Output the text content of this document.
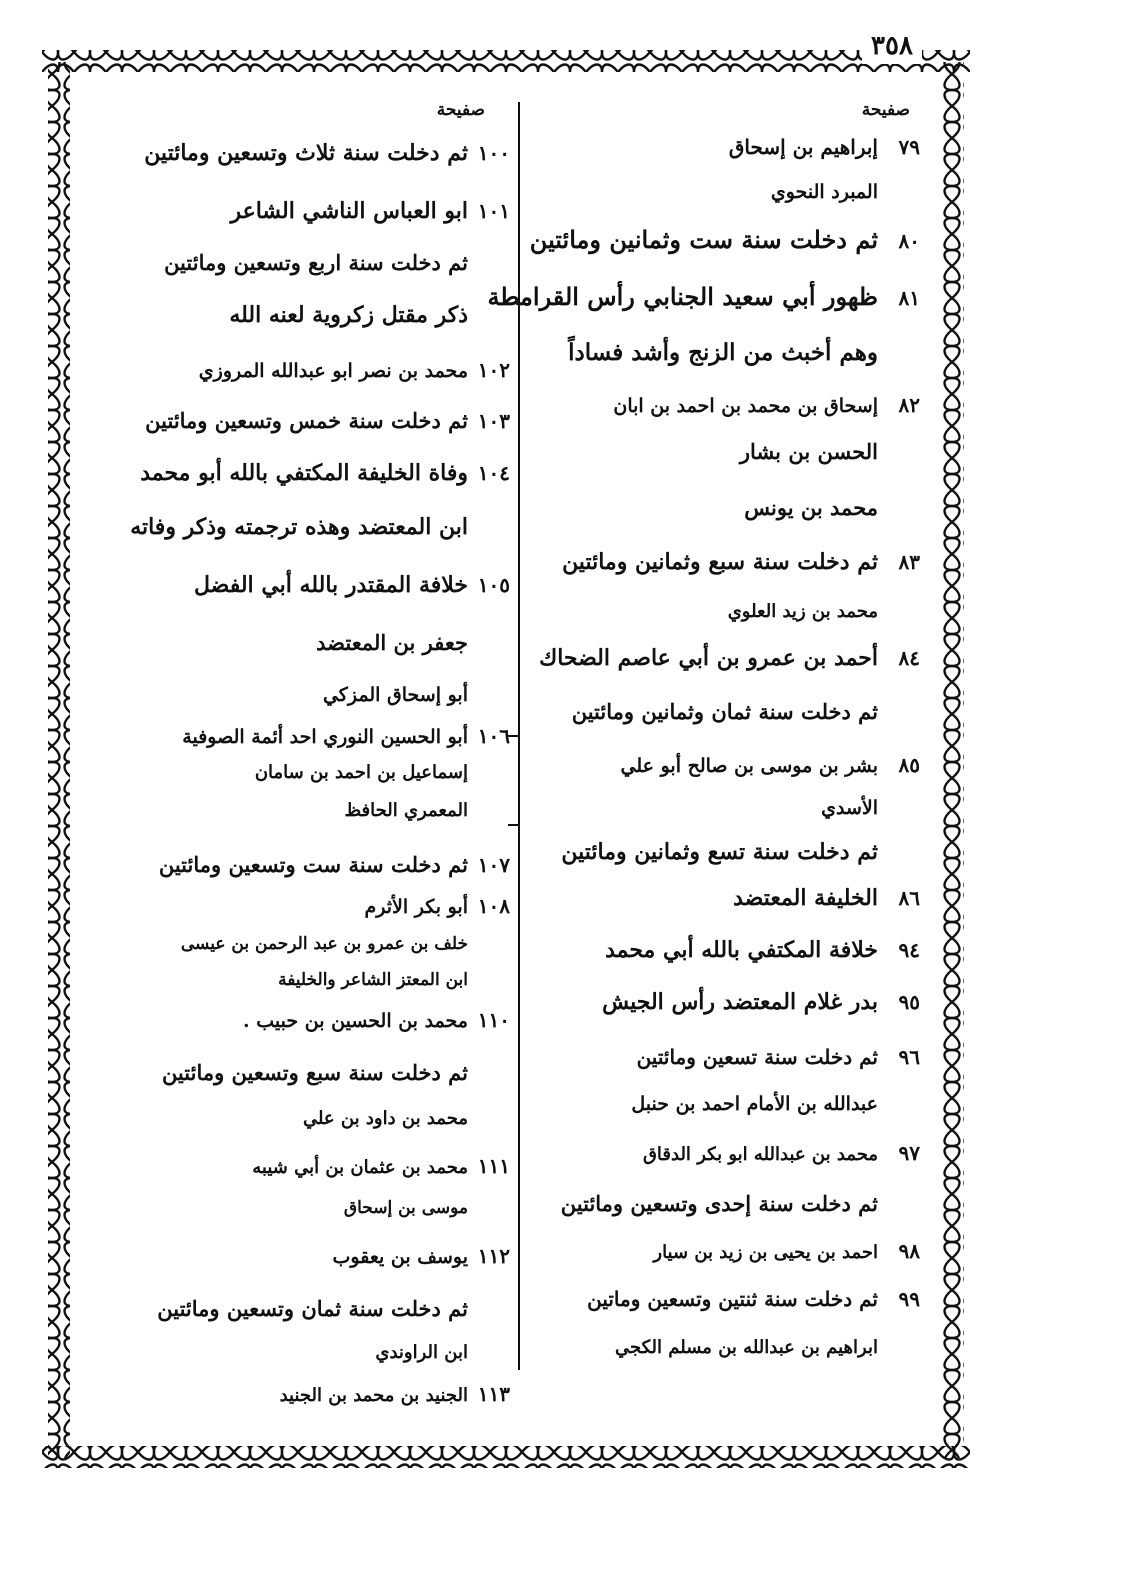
٣٥٨
صفيحة
صفيحة
٧٩
إبراهيم بن إسحاق
المبرد النحوي
٨٠
ثم دخلت سنة ست وثمانين ومائتين
٨١
ظهور أبي سعيد الجنابي رأس القرامطة
وهم أخبث من الزنج وأشد فساداً
٨٢
إسحاق بن محمد بن احمد بن ابان
الحسن بن بشار
محمد بن يونس
٨٣
ثم دخلت سنة سبع وثمانين ومائتين
محمد بن زيد العلوي
٨٤
أحمد بن عمرو بن أبي عاصم الضحاك
ثم دخلت سنة ثمان وثمانين ومائتين
٨٥
بشر بن موسى بن صالح أبو علي
الأسدي
ثم دخلت سنة تسع وثمانين ومائتين
٨٦
الخليفة المعتضد
٩٤
خلافة المكتفي بالله أبي محمد
٩٥
بدر غلام المعتضد رأس الجيش
٩٦
ثم دخلت سنة تسعين ومائتين
عبدالله بن الأمام احمد بن حنبل
٩٧
محمد بن عبدالله ابو بكر الدقاق
ثم دخلت سنة إحدى وتسعين ومائتين
٩٨
احمد بن يحيى بن زيد بن سيار
٩٩
ثم دخلت سنة ثنتين وتسعين وماتين
ابراهيم بن عبدالله بن مسلم الكجي
١٠٠
ثم دخلت سنة ثلاث وتسعين ومائتين
١٠١
ابو العباس الناشي الشاعر
ثم دخلت سنة اربع وتسعين ومائتين
ذكر مقتل زكروية لعنه الله
١٠٢
محمد بن نصر ابو عبدالله المروزي
١٠٣
ثم دخلت سنة خمس وتسعين ومائتين
١٠٤
وفاة الخليفة المكتفي بالله أبو محمد
ابن المعتضد وهذه ترجمته وذكر وفاته
١٠٥
خلافة المقتدر بالله أبي الفضل
جعفر بن المعتضد
أبو إسحاق المزكي
١٠٦
أبو الحسين النوري احد أئمة الصوفية
إسماعيل بن احمد بن سامان
المعمري الحافظ
١٠٧
ثم دخلت سنة ست وتسعين ومائتين
١٠٨
أبو بكر الأثرم
خلف بن عمرو بن عبد الرحمن بن عيسى
ابن المعتز الشاعر والخليفة
١١٠
محمد بن الحسين بن حبيب .
ثم دخلت سنة سبع وتسعين ومائتين
محمد بن داود بن علي
١١١
محمد بن عثمان بن أبي شيبه
موسى بن إسحاق
١١٢
يوسف بن يعقوب
ثم دخلت سنة ثمان وتسعين ومائتين
ابن الراوندي
١١٣
الجنيد بن محمد بن الجنيد
